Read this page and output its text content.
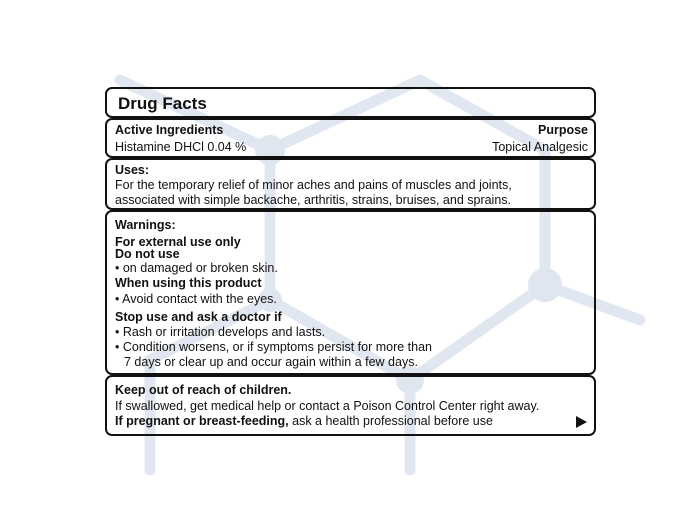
Drug Facts
Active Ingredients	Purpose
Histamine DHCl 0.04 %	Topical Analgesic
Uses:
For the temporary relief of minor aches and pains of muscles and joints,
associated with simple backache, arthritis, strains, bruises, and sprains.
Warnings:
For external use only
Do not use
• on damaged or broken skin.
When using this product
• Avoid contact with the eyes.
Stop use and ask a doctor if
• Rash or irritation develops and lasts.
• Condition worsens, or if symptoms persist for more than
7 days or clear up and occur again within a few days.
Keep out of reach of children.
If swallowed, get medical help or contact a Poison Control Center right away.
If pregnant or breast-feeding, ask a health professional before use
